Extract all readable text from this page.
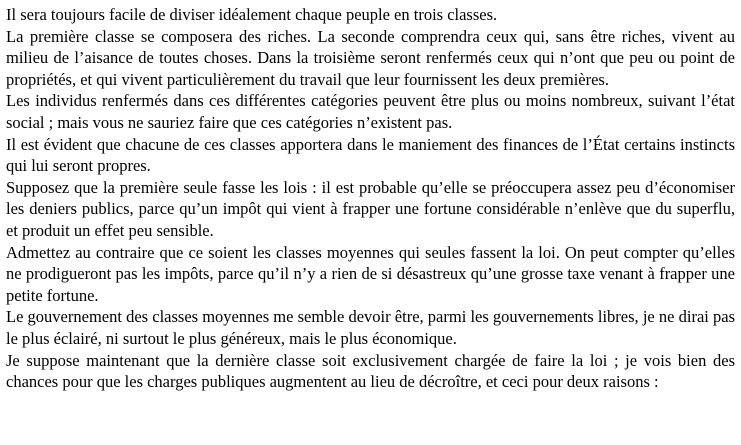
Il sera toujours facile de diviser idéalement chaque peuple en trois classes.

La première classe se composera des riches. La seconde comprendra ceux qui, sans être riches, vivent au milieu de l’aisance de toutes choses. Dans la troisième seront renfermés ceux qui n’ont que peu ou point de propriétés, et qui vivent particulièrement du travail que leur fournissent les deux premières.

Les individus renfermés dans ces différentes catégories peuvent être plus ou moins nombreux, suivant l’état social ; mais vous ne sauriez faire que ces catégories n’existent pas.

Il est évident que chacune de ces classes apportera dans le maniement des finances de l’État certains instincts qui lui seront propres.

Supposez que la première seule fasse les lois : il est probable qu’elle se préoccupera assez peu d’économiser les deniers publics, parce qu’un impôt qui vient à frapper une fortune considérable n’enlève que du superflu, et produit un effet peu sensible.

Admettez au contraire que ce soient les classes moyennes qui seules fassent la loi. On peut compter qu’elles ne prodigueront pas les impôts, parce qu’il n’y a rien de si désastreux qu’une grosse taxe venant à frapper une petite fortune.

Le gouvernement des classes moyennes me semble devoir être, parmi les gouvernements libres, je ne dirai pas le plus éclairé, ni surtout le plus généreux, mais le plus économique.

Je suppose maintenant que la dernière classe soit exclusivement chargée de faire la loi ; je vois bien des chances pour que les charges publiques augmentent au lieu de décroître, et ceci pour deux raisons :
